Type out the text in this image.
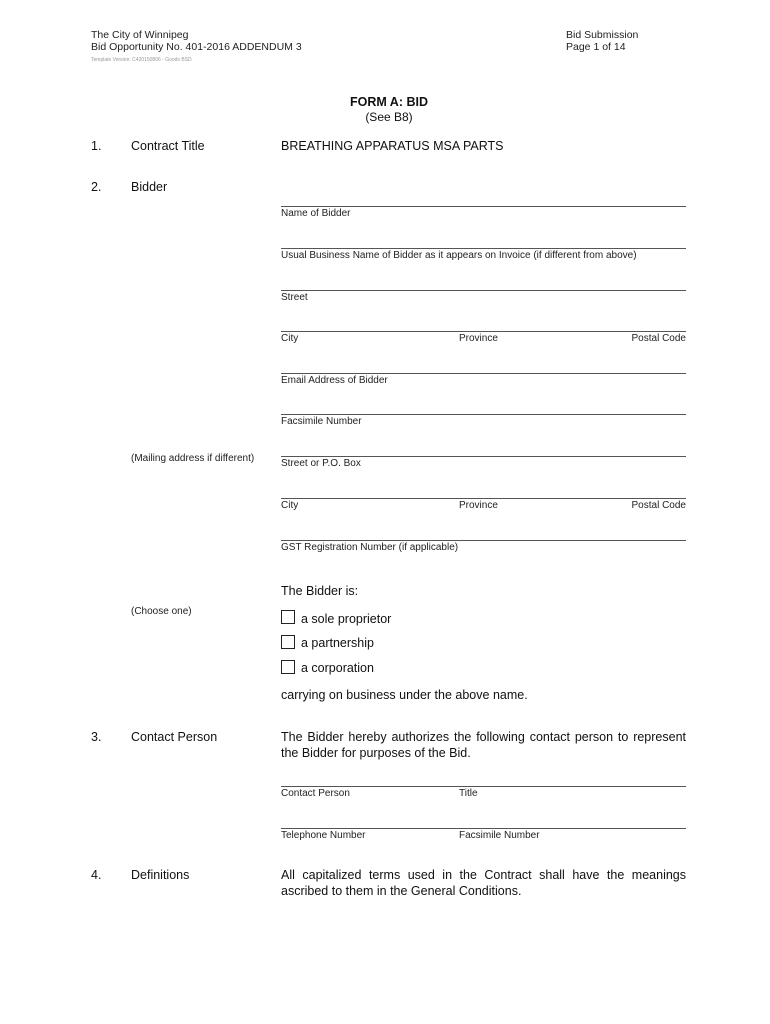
The City of Winnipeg
Bid Opportunity No. 401-2016 ADDENDUM 3
Template Version: C420150806 - Goods BSD
Bid Submission
Page 1 of 14
FORM A: BID
(See B8)
1. Contract Title	BREATHING APPARATUS MSA PARTS
2. Bidder
Name of Bidder
Usual Business Name of Bidder as it appears on Invoice (if different from above)
Street
City	Province	Postal Code
Email Address of Bidder
Facsimile Number
(Mailing address if different)	Street or P.O. Box
City	Province	Postal Code
GST Registration Number (if applicable)
The Bidder is:
(Choose one)
a sole proprietor
a partnership
a corporation
carrying on business under the above name.
3. Contact Person	The Bidder hereby authorizes the following contact person to represent the Bidder for purposes of the Bid.
Contact Person	Title
Telephone Number	Facsimile Number
4. Definitions	All capitalized terms used in the Contract shall have the meanings ascribed to them in the General Conditions.
